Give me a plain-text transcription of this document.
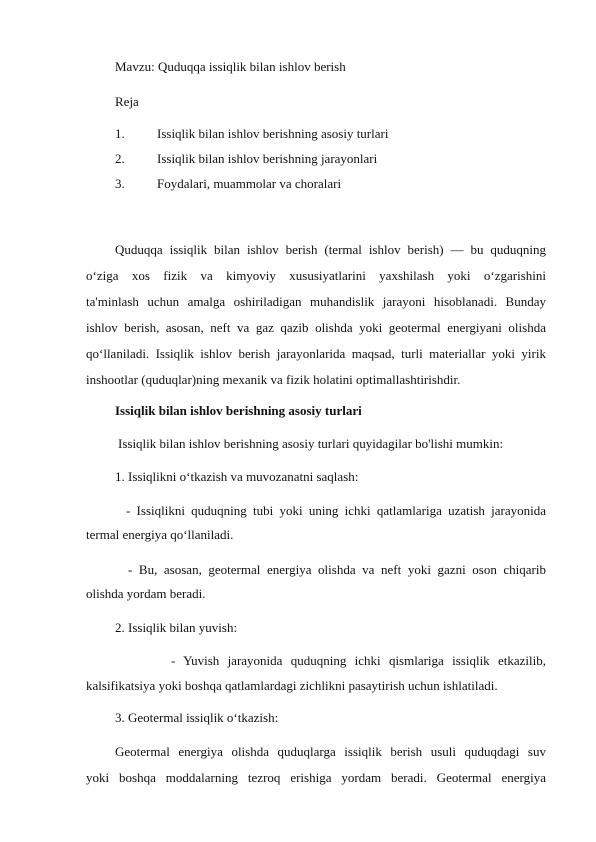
Mavzu: Quduqqa issiqlik bilan ishlov berish
Reja
1. Issiqlik bilan ishlov berishning asosiy turlari
2. Issiqlik bilan ishlov berishning jarayonlari
3. Foydalari, muammolar va choralari
Quduqqa issiqlik bilan ishlov berish (termal ishlov berish) — bu quduqning
o‘ziga xos fizik va kimyoviy xususiyatlarini yaxshilash yoki o‘zgarishini
ta'minlash uchun amalga oshiriladigan muhandislik jarayoni hisoblanadi. Bunday
ishlov berish, asosan, neft va gaz qazib olishda yoki geotermal energiyani olishda
qo‘llaniladi. Issiqlik ishlov berish jarayonlarida maqsad, turli materiallar yoki yirik
inshootlar (quduqlar)ning mexanik va fizik holatini optimallashtirishdir.
Issiqlik bilan ishlov berishning asosiy turlari
Issiqlik bilan ishlov berishning asosiy turlari quyidagilar bo'lishi mumkin:
1. Issiqlikni o‘tkazish va muvozanatni saqlash:
- Issiqlikni quduqning tubi yoki uning ichki qatlamlariga uzatish jarayonida
termal energiya qo‘llaniladi.
- Bu, asosan, geotermal energiya olishda va neft yoki gazni oson chiqarib
olishda yordam beradi.
2. Issiqlik bilan yuvish:
- Yuvish jarayonida quduqning ichki qismlariga issiqlik etkazilib,
kalsifikatsiya yoki boshqa qatlamlardagi zichlikni pasaytirish uchun ishlatiladi.
3. Geotermal issiqlik o‘tkazish:
Geotermal energiya olishda quduqlarga issiqlik berish usuli quduqdagi suv
yoki boshqa moddalarning tezroq erishiga yordam beradi. Geotermal energiya
